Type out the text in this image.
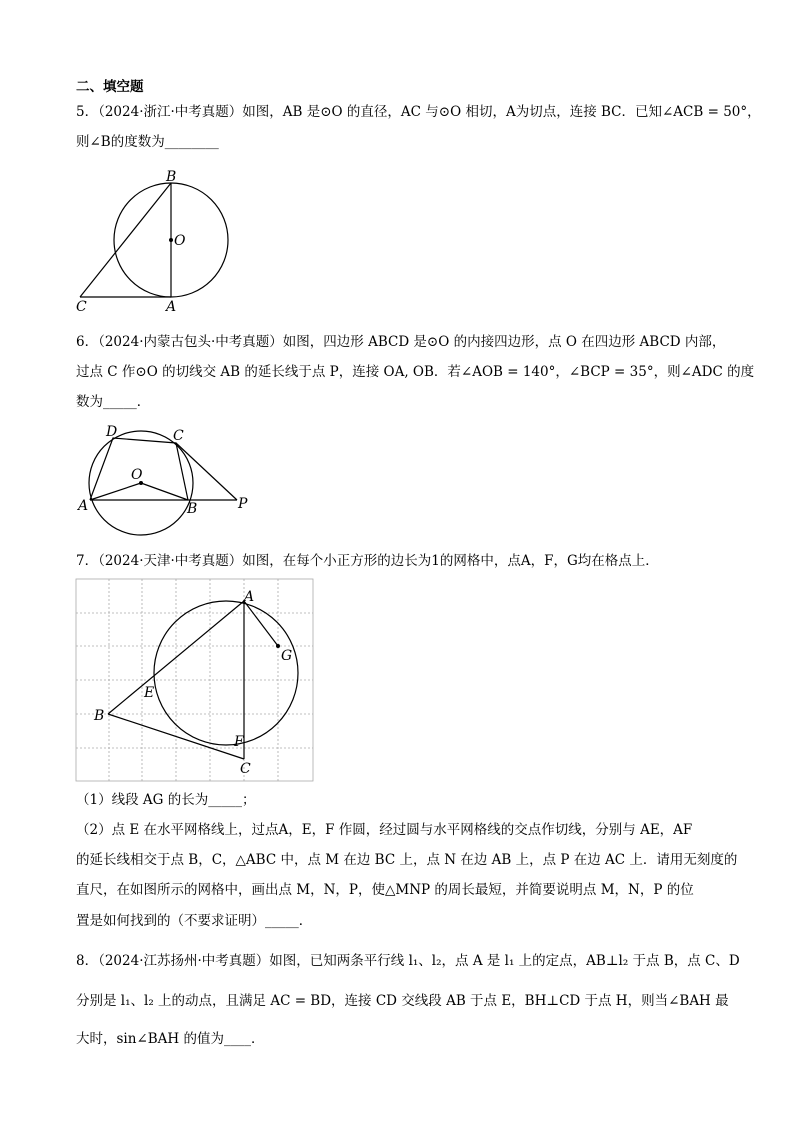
二、填空题
5．（2024·浙江·中考真题）如图，AB 是⊙O 的直径，AC 与⊙O 相切，A为切点，连接 BC．已知∠ACB = 50°，
则∠B的度数为________
B
O
C	A
6．（2024·内蒙古包头·中考真题）如图，四边形 ABCD 是⊙O 的内接四边形，点 O 在四边形 ABCD 内部，
过点 C 作⊙O 的切线交 AB 的延长线于点 P，连接 OA, OB．若∠AOB = 140°，∠BCP = 35°，则∠ADC 的度
数为_____．
D	C
O
A	B	P
7．（2024·天津·中考真题）如图，在每个小正方形的边长为1的网格中，点A，F，G均在格点上．
A
G
E
B
F
C
（1）线段 AG 的长为_____；
（2）点 E 在水平网格线上，过点A，E，F 作圆，经过圆与水平网格线的交点作切线，分别与 AE，AF
的延长线相交于点 B，C，△ABC 中，点 M 在边 BC 上，点 N 在边 AB 上，点 P 在边 AC 上．请用无刻度的
直尺，在如图所示的网格中，画出点 M，N，P，使△MNP 的周长最短，并简要说明点 M，N，P 的位
置是如何找到的（不要求证明）_____．
8．（2024·江苏扬州·中考真题）如图，已知两条平行线 l₁、l₂，点 A 是 l₁ 上的定点，AB⊥l₂ 于点 B，点 C、D
分别是 l₁、l₂ 上的动点，且满足 AC = BD，连接 CD 交线段 AB 于点 E，BH⊥CD 于点 H，则当∠BAH 最
大时，sin∠BAH 的值为____．
